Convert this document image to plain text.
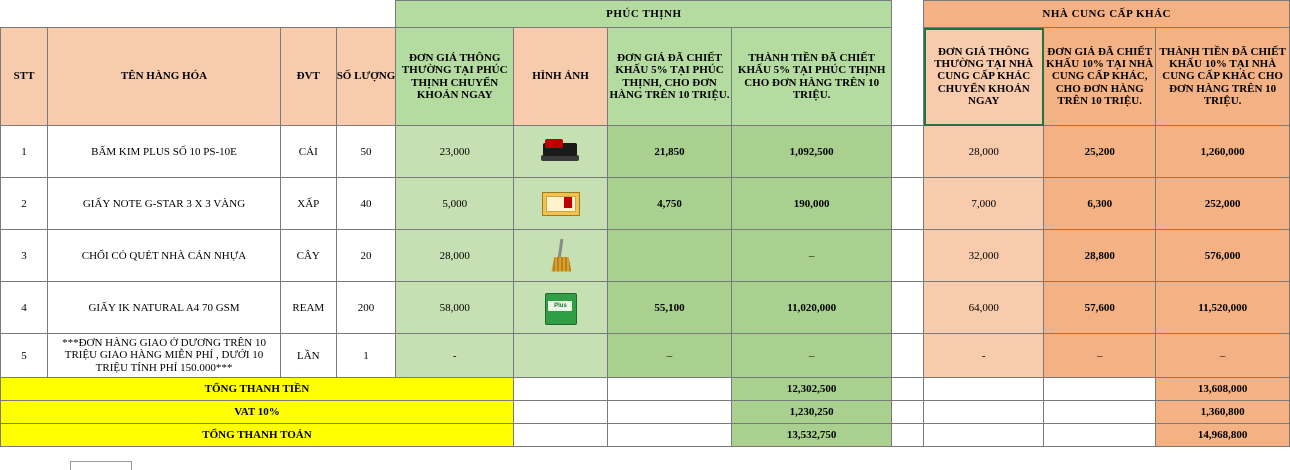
				PHÚC THỊNH					NHÀ CUNG CẤP KHÁC		
STT	TÊN HÀNG HÓA	ĐVT	SỐ LƯỢNG	ĐƠN GIÁ THÔNG THƯỜNG TẠI PHÚC THỊNH CHUYỂN KHOẢN NGAY	HÌNH ẢNH	ĐƠN GIÁ ĐÃ CHIẾT KHẤU 5% TẠI PHÚC THỊNH, CHO ĐƠN HÀNG TRÊN 10 TRIỆU.	THÀNH TIỀN ĐÃ CHIẾT KHẤU 5% TẠI PHÚC THỊNH CHO ĐƠN HÀNG TRÊN 10 TRIỆU.		ĐƠN GIÁ THÔNG THƯỜNG TẠI NHÀ CUNG CẤP KHÁC CHUYỂN KHOẢN NGAY	ĐƠN GIÁ ĐÃ CHIẾT KHẤU 10% TẠI NHÀ CUNG CẤP KHÁC, CHO ĐƠN HÀNG TRÊN 10 TRIỆU.	THÀNH TIỀN ĐÃ CHIẾT KHẤU 10% TẠI NHÀ CUNG CẤP KHÁC CHO ĐƠN HÀNG TRÊN 10 TRIỆU.
1	BẤM KIM PLUS SỐ 10 PS-10E	CÁI	50	23,000		21,850	1,092,500		28,000	25,200	1,260,000
2	GIẤY NOTE G-STAR 3 X 3 VÀNG	XẤP	40	5,000		4,750	190,000		7,000	6,300	252,000
3	CHỔI CỎ QUÉT NHÀ CÁN NHỰA	CÂY	20	28,000			–		32,000	28,800	576,000
4	GIẤY IK NATURAL A4 70 GSM	REAM	200	58,000	Plus	55,100	11,020,000		64,000	57,600	11,520,000
5	***ĐƠN HÀNG GIAO Ở DƯƠNG TRÊN 10 TRIỆU GIAO HÀNG MIỄN PHÍ , DƯỚI 10 TRIỆU TÍNH PHÍ 150.000***	LẦN	1	-		–	–		-	–	–
TỔNG THANH TIỀN							12,302,500				13,608,000
VAT 10%							1,230,250				1,360,800
TỔNG THANH TOÁN							13,532,750				14,968,800
